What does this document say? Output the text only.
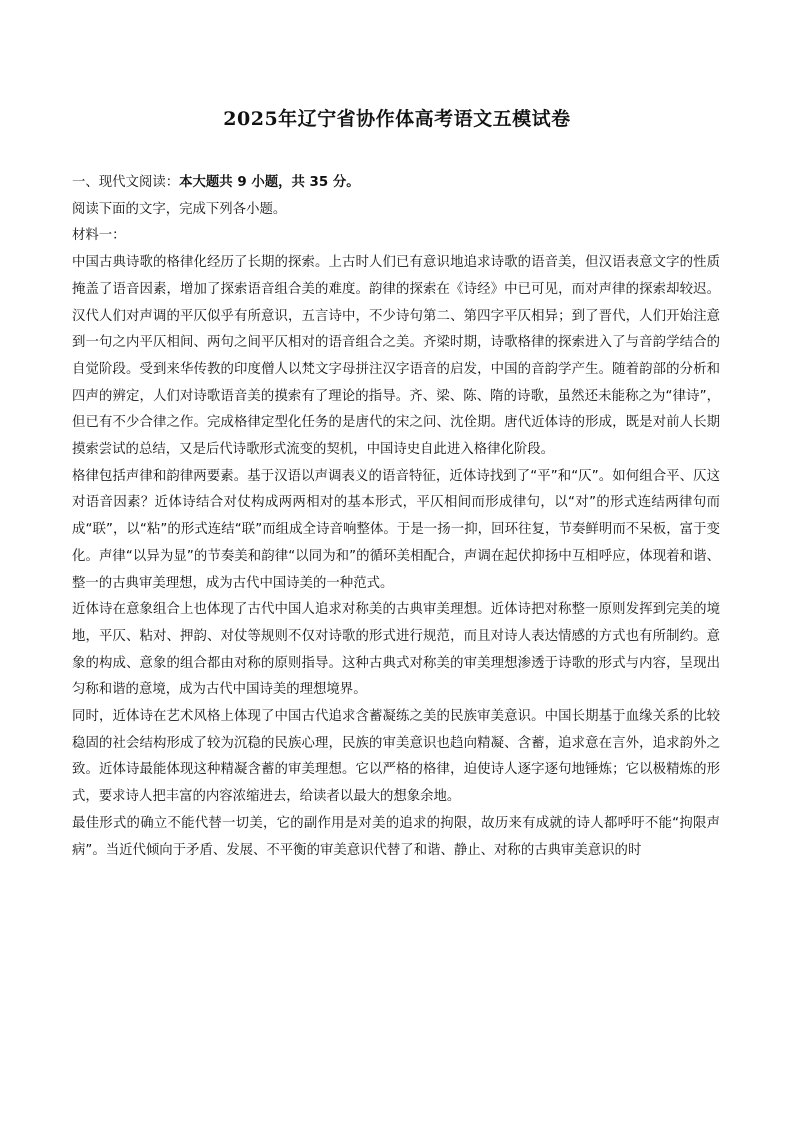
2025年辽宁省协作体高考语文五模试卷

一、现代文阅读：本大题共 9 小题，共 35 分。

阅读下面的文字，完成下列各小题。

材料一：

中国古典诗歌的格律化经历了长期的探索。上古时人们已有意识地追求诗歌的语音美，但汉语表意文字的性质掩盖了语音因素，增加了探索语音组合美的难度。韵律的探索在《诗经》中已可见，而对声律的探索却较迟。汉代人们对声调的平仄似乎有所意识，五言诗中，不少诗句第二、第四字平仄相异；到了晋代，人们开始注意到一句之内平仄相间、两句之间平仄相对的语音组合之美。齐梁时期，诗歌格律的探索进入了与音韵学结合的自觉阶段。受到来华传教的印度僧人以梵文字母拼注汉字语音的启发，中国的音韵学产生。随着韵部的分析和四声的辨定，人们对诗歌语音美的摸索有了理论的指导。齐、梁、陈、隋的诗歌，虽然还未能称之为“律诗”，但已有不少合律之作。完成格律定型化任务的是唐代的宋之问、沈佺期。唐代近体诗的形成，既是对前人长期摸索尝试的总结，又是后代诗歌形式流变的契机，中国诗史自此进入格律化阶段。

格律包括声律和韵律两要素。基于汉语以声调表义的语音特征，近体诗找到了“平”和“仄”。如何组合平、仄这对语音因素？近体诗结合对仗构成两两相对的基本形式，平仄相间而形成律句，以“对”的形式连结两律句而成“联”，以“粘”的形式连结“联”而组成全诗音响整体。于是一扬一抑，回环往复，节奏鲜明而不呆板，富于变化。声律“以异为显”的节奏美和韵律“以同为和”的循环美相配合，声调在起伏抑扬中互相呼应，体现着和谐、整一的古典审美理想，成为古代中国诗美的一种范式。

近体诗在意象组合上也体现了古代中国人追求对称美的古典审美理想。近体诗把对称整一原则发挥到完美的境地，平仄、粘对、押韵、对仗等规则不仅对诗歌的形式进行规范，而且对诗人表达情感的方式也有所制约。意象的构成、意象的组合都由对称的原则指导。这种古典式对称美的审美理想渗透于诗歌的形式与内容，呈现出匀称和谐的意境，成为古代中国诗美的理想境界。

同时，近体诗在艺术风格上体现了中国古代追求含蓄凝练之美的民族审美意识。中国长期基于血缘关系的比较稳固的社会结构形成了较为沉稳的民族心理，民族的审美意识也趋向精凝、含蓄，追求意在言外，追求韵外之致。近体诗最能体现这种精凝含蓄的审美理想。它以严格的格律，迫使诗人逐字逐句地锤炼；它以极精炼的形式，要求诗人把丰富的内容浓缩进去，给读者以最大的想象余地。

最佳形式的确立不能代替一切美，它的副作用是对美的追求的拘限，故历来有成就的诗人都呼吁不能“拘限声病”。当近代倾向于矛盾、发展、不平衡的审美意识代替了和谐、静止、对称的古典审美意识的时
